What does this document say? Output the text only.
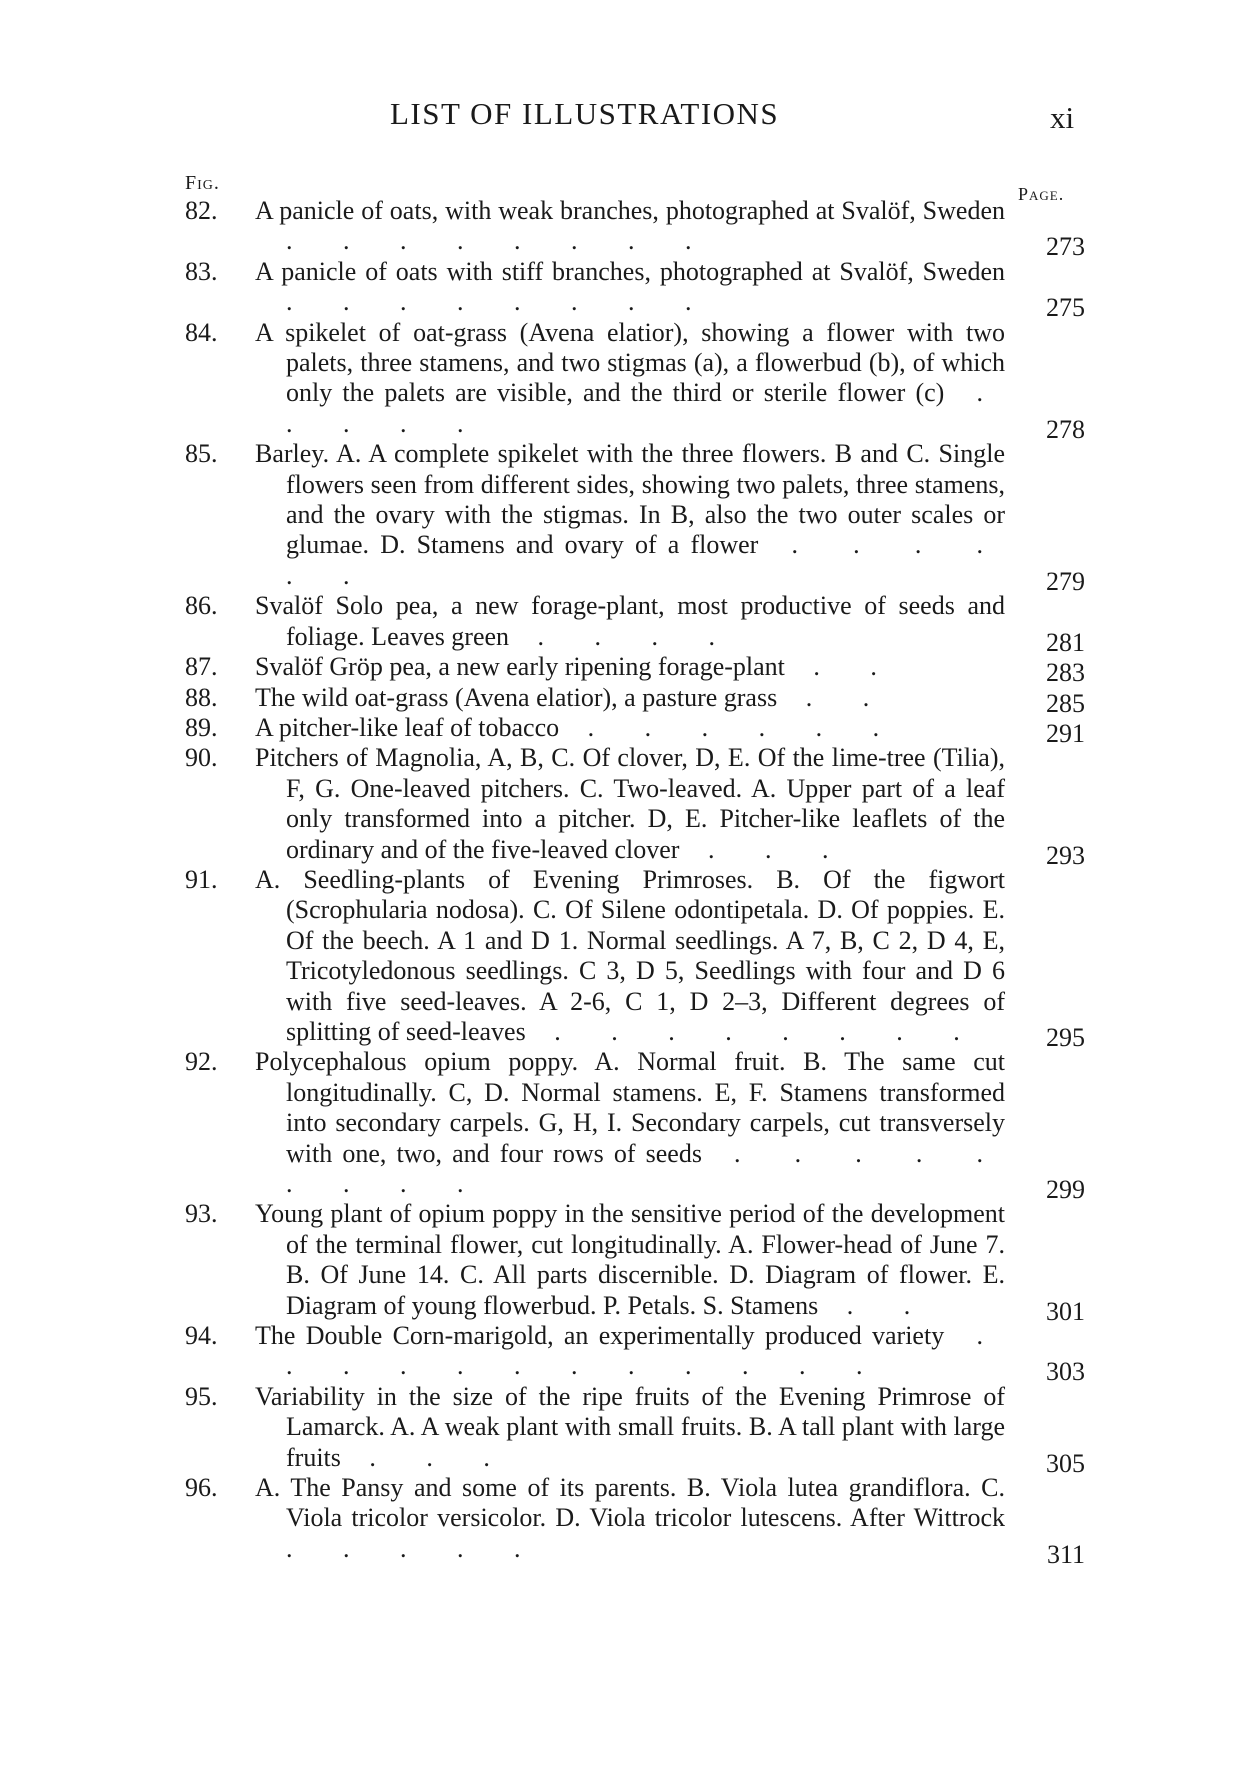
LIST OF ILLUSTRATIONS	xi
Fig.	Page.
82.	A panicle of oats, with weak branches, photographed at Svalöf, Sweden . . . . . . . .	273
83.	A panicle of oats with stiff branches, photographed at Svalöf, Sweden . . . . . . . .	275
84.	A spikelet of oat-grass (Avena elatior), showing a flower with two palets, three stamens, and two stigmas (a), a flowerbud (b), of which only the palets are visible, and the third or sterile flower (c) . . . . .	278
85.	Barley. A. A complete spikelet with the three flowers. B and C. Single flowers seen from different sides, showing two palets, three stamens, and the ovary with the stigmas. In B, also the two outer scales or glumae. D. Stamens and ovary of a flower . . . . . .	279
86.	Svalöf Solo pea, a new forage-plant, most productive of seeds and foliage. Leaves green . . . .	281
87.	Svalöf Gröp pea, a new early ripening forage-plant . .	283
88.	The wild oat-grass (Avena elatior), a pasture grass . .	285
89.	A pitcher-like leaf of tobacco . . . . . .	291
90.	Pitchers of Magnolia, A, B, C. Of clover, D, E. Of the lime-tree (Tilia), F, G. One-leaved pitchers. C. Two-leaved. A. Upper part of a leaf only transformed into a pitcher. D, E. Pitcher-like leaflets of the ordinary and of the five-leaved clover . . .	293
91.	A. Seedling-plants of Evening Primroses. B. Of the figwort (Scrophularia nodosa). C. Of Silene odontipetala. D. Of poppies. E. Of the beech. A 1 and D 1. Normal seedlings. A 7, B, C 2, D 4, E, Tricotyledonous seedlings. C 3, D 5, Seedlings with four and D 6 with five seed-leaves. A 2-6, C 1, D 2–3, Different degrees of splitting of seed-leaves . . . . . . . .	295
92.	Polycephalous opium poppy. A. Normal fruit. B. The same cut longitudinally. C, D. Normal stamens. E, F. Stamens transformed into secondary carpels. G, H, I. Secondary carpels, cut transversely with one, two, and four rows of seeds . . . . . . . . .	299
93.	Young plant of opium poppy in the sensitive period of the development of the terminal flower, cut longitudinally. A. Flower-head of June 7. B. Of June 14. C. All parts discernible. D. Diagram of flower. E. Diagram of young flowerbud. P. Petals. S. Stamens . .	301
94.	The Double Corn-marigold, an experimentally produced variety . . . . . . . . . . . .	303
95.	Variability in the size of the ripe fruits of the Evening Primrose of Lamarck. A. A weak plant with small fruits. B. A tall plant with large fruits . . .	305
96.	A. The Pansy and some of its parents. B. Viola lutea grandiflora. C. Viola tricolor versicolor. D. Viola tricolor lutescens. After Wittrock . . . . .	311
